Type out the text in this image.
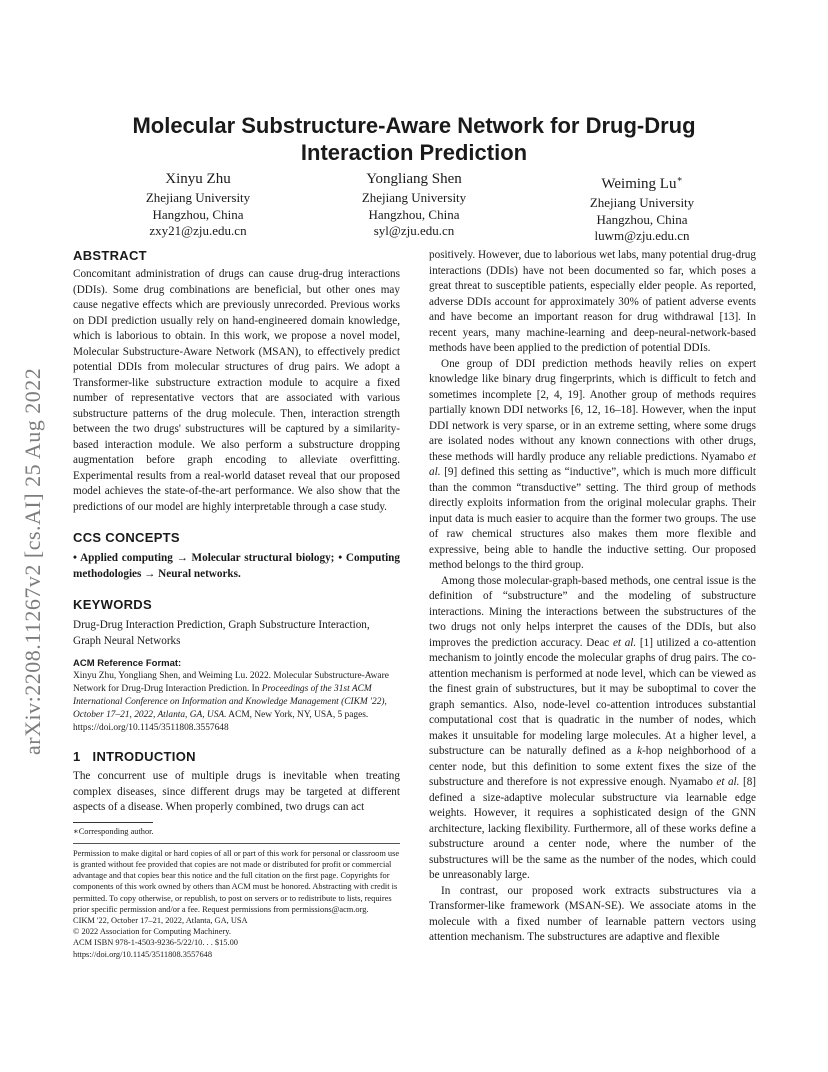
arXiv:2208.11267v2 [cs.AI] 25 Aug 2022
Molecular Substructure-Aware Network for Drug-Drug
Interaction Prediction
Xinyu Zhu
Zhejiang University
Hangzhou, China
zxy21@zju.edu.cn
Yongliang Shen
Zhejiang University
Hangzhou, China
syl@zju.edu.cn
Weiming Lu∗
Zhejiang University
Hangzhou, China
luwm@zju.edu.cn
ABSTRACT

Concomitant administration of drugs can cause drug-drug interactions (DDIs). Some drug combinations are beneficial, but other ones may cause negative effects which are previously unrecorded. Previous works on DDI prediction usually rely on hand-engineered domain knowledge, which is laborious to obtain. In this work, we propose a novel model, Molecular Substructure-Aware Network (MSAN), to effectively predict potential DDIs from molecular structures of drug pairs. We adopt a Transformer-like substructure extraction module to acquire a fixed number of representative vectors that are associated with various substructure patterns of the drug molecule. Then, interaction strength between the two drugs' substructures will be captured by a similarity-based interaction module. We also perform a substructure dropping augmentation before graph encoding to alleviate overfitting. Experimental results from a real-world dataset reveal that our proposed model achieves the state-of-the-art performance. We also show that the predictions of our model are highly interpretable through a case study.

CCS CONCEPTS

• Applied computing → Molecular structural biology; • Computing methodologies → Neural networks.

KEYWORDS

Drug-Drug Interaction Prediction, Graph Substructure Interaction, Graph Neural Networks

ACM Reference Format:

Xinyu Zhu, Yongliang Shen, and Weiming Lu. 2022. Molecular Substructure-Aware Network for Drug-Drug Interaction Prediction. In Proceedings of the 31st ACM International Conference on Information and Knowledge Management (CIKM '22), October 17–21, 2022, Atlanta, GA, USA. ACM, New York, NY, USA, 5 pages. https://doi.org/10.1145/3511808.3557648

1 INTRODUCTION

The concurrent use of multiple drugs is inevitable when treating complex diseases, since different drugs may be targeted at different aspects of a disease. When properly combined, two drugs can act

∗Corresponding author.

Permission to make digital or hard copies of all or part of this work for personal or classroom use is granted without fee provided that copies are not made or distributed for profit or commercial advantage and that copies bear this notice and the full citation on the first page. Copyrights for components of this work owned by others than ACM must be honored. Abstracting with credit is permitted. To copy otherwise, or republish, to post on servers or to redistribute to lists, requires prior specific permission and/or a fee. Request permissions from permissions@acm.org.

CIKM '22, October 17–21, 2022, Atlanta, GA, USA

© 2022 Association for Computing Machinery.

ACM ISBN 978-1-4503-9236-5/22/10. . . $15.00

https://doi.org/10.1145/3511808.3557648

positively. However, due to laborious wet labs, many potential drug-drug interactions (DDIs) have not been documented so far, which poses a great threat to susceptible patients, especially elder people. As reported, adverse DDIs account for approximately 30% of patient adverse events and have become an important reason for drug withdrawal [13]. In recent years, many machine-learning and deep-neural-network-based methods have been applied to the prediction of potential DDIs.

One group of DDI prediction methods heavily relies on expert knowledge like binary drug fingerprints, which is difficult to fetch and sometimes incomplete [2, 4, 19]. Another group of methods requires partially known DDI networks [6, 12, 16–18]. However, when the input DDI network is very sparse, or in an extreme setting, where some drugs are isolated nodes without any known connections with other drugs, these methods will hardly produce any reliable predictions. Nyamabo et al. [9] defined this setting as “inductive”, which is much more difficult than the common “transductive” setting. The third group of methods directly exploits information from the original molecular graphs. Their input data is much easier to acquire than the former two groups. The use of raw chemical structures also makes them more flexible and expressive, being able to handle the inductive setting. Our proposed method belongs to the third group.

Among those molecular-graph-based methods, one central issue is the definition of “substructure” and the modeling of substructure interactions. Mining the interactions between the substructures of the two drugs not only helps interpret the causes of the DDIs, but also improves the prediction accuracy. Deac et al. [1] utilized a co-attention mechanism to jointly encode the molecular graphs of drug pairs. The co-attention mechanism is performed at node level, which can be viewed as the finest grain of substructures, but it may be suboptimal to cover the graph semantics. Also, node-level co-attention introduces substantial computational cost that is quadratic in the number of nodes, which makes it unsuitable for modeling large molecules. At a higher level, a substructure can be naturally defined as a k-hop neighborhood of a center node, but this definition to some extent fixes the size of the substructure and therefore is not expressive enough. Nyamabo et al. [8] defined a size-adaptive molecular substructure via learnable edge weights. However, it requires a sophisticated design of the GNN architecture, lacking flexibility. Furthermore, all of these works define a substructure around a center node, where the number of the substructures will be the same as the number of the nodes, which could be unreasonably large.

In contrast, our proposed work extracts substructures via a Transformer-like framework (MSAN-SE). We associate atoms in the molecule with a fixed number of learnable pattern vectors using attention mechanism. The substructures are adaptive and flexible
